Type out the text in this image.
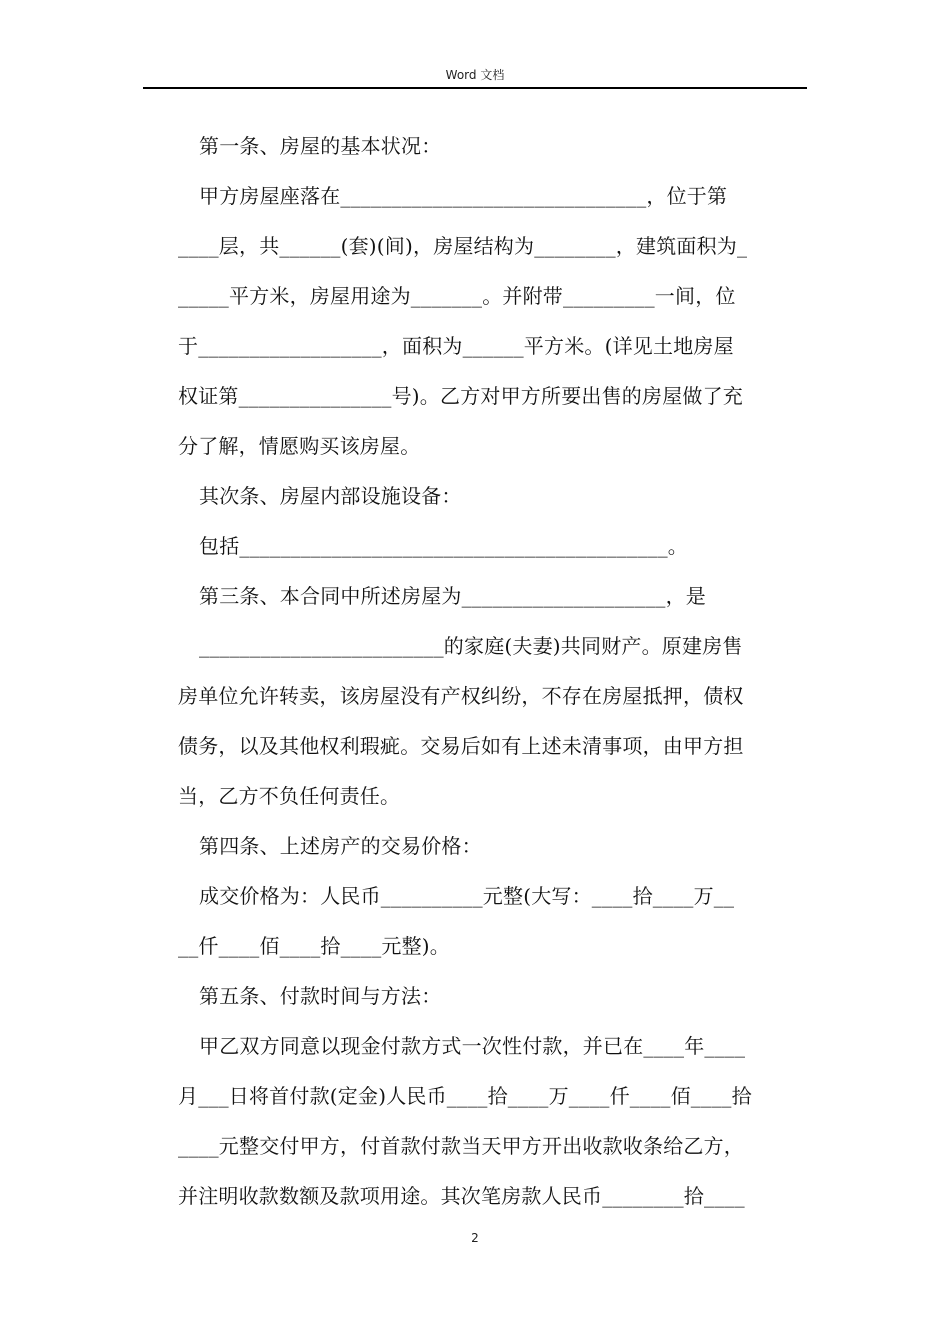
Word 文档
第一条、房屋的基本状况：
甲方房屋座落在______________________________，位于第
____层，共______(套)(间)，房屋结构为________，建筑面积为_
_____平方米，房屋用途为_______。并附带_________一间，位
于__________________，面积为______平方米。(详见土地房屋
权证第_______________号)。乙方对甲方所要出售的房屋做了充
分了解，情愿购买该房屋。
其次条、房屋内部设施设备：
包括__________________________________________。
第三条、本合同中所述房屋为____________________，是
________________________的家庭(夫妻)共同财产。原建房售
房单位允许转卖，该房屋没有产权纠纷，不存在房屋抵押，债权
债务，以及其他权利瑕疵。交易后如有上述未清事项，由甲方担
当，乙方不负任何责任。
第四条、上述房产的交易价格：
成交价格为：人民币__________元整(大写：____拾____万__
__仟____佰____拾____元整)。
第五条、付款时间与方法：
甲乙双方同意以现金付款方式一次性付款，并已在____年____
月___日将首付款(定金)人民币____拾____万____仟____佰____拾
____元整交付甲方，付首款付款当天甲方开出收款收条给乙方，
并注明收款数额及款项用途。其次笔房款人民币________拾____
2
